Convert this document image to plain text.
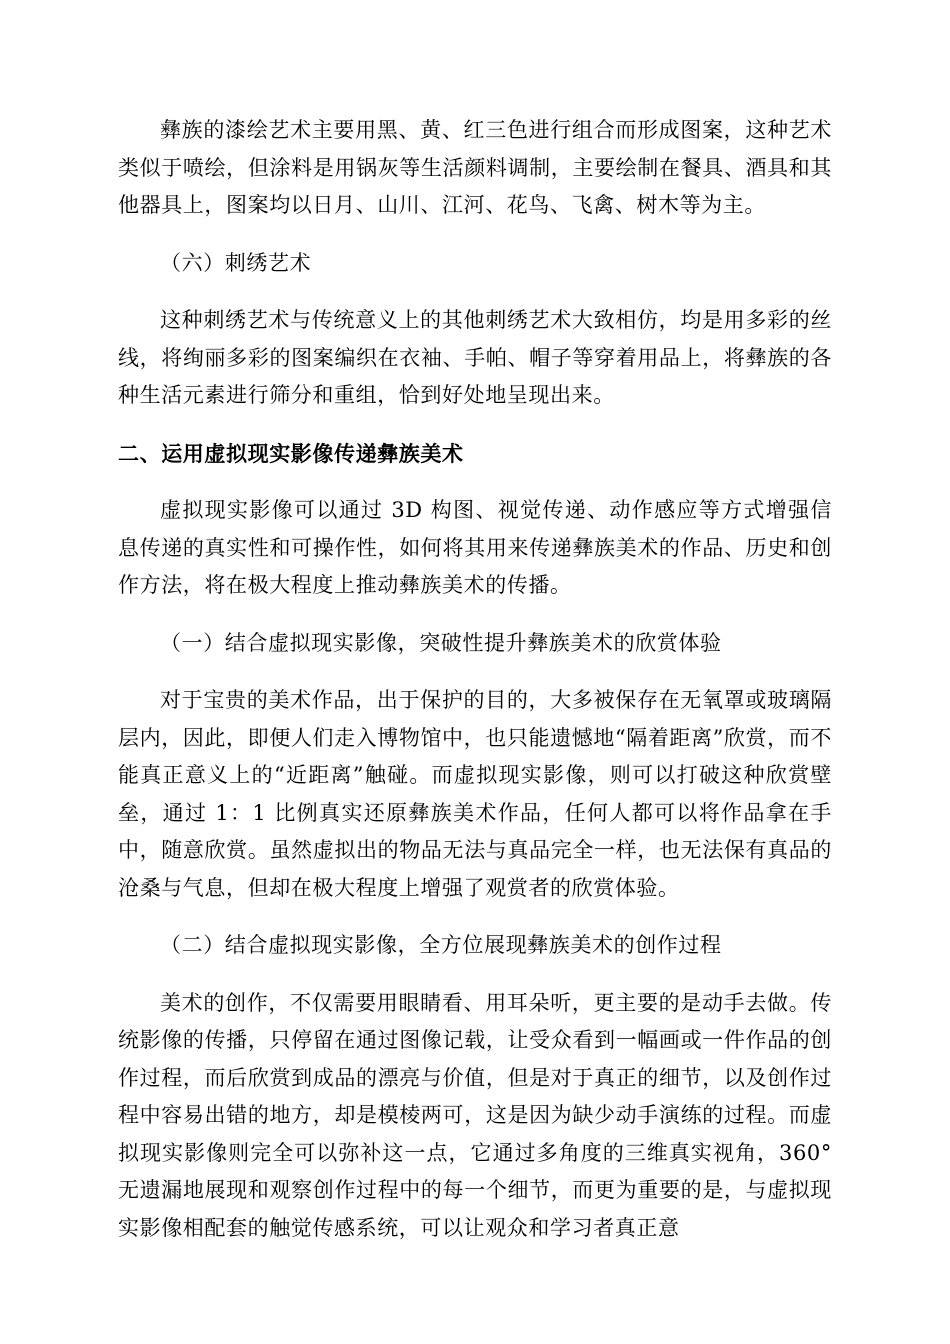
彝族的漆绘艺术主要用黑、黄、红三色进行组合而形成图案，这种艺术类似于喷绘，但涂料是用锅灰等生活颜料调制，主要绘制在餐具、酒具和其他器具上，图案均以日月、山川、江河、花鸟、飞禽、树木等为主。

（六）刺绣艺术

这种刺绣艺术与传统意义上的其他刺绣艺术大致相仿，均是用多彩的丝线，将绚丽多彩的图案编织在衣袖、手帕、帽子等穿着用品上，将彝族的各种生活元素进行筛分和重组，恰到好处地呈现出来。

二、运用虚拟现实影像传递彝族美术

虚拟现实影像可以通过 3D 构图、视觉传递、动作感应等方式增强信息传递的真实性和可操作性，如何将其用来传递彝族美术的作品、历史和创作方法，将在极大程度上推动彝族美术的传播。

（一）结合虚拟现实影像，突破性提升彝族美术的欣赏体验

对于宝贵的美术作品，出于保护的目的，大多被保存在无氧罩或玻璃隔层内，因此，即便人们走入博物馆中，也只能遗憾地“隔着距离”欣赏，而不能真正意义上的“近距离”触碰。而虚拟现实影像，则可以打破这种欣赏壁垒，通过 1：1 比例真实还原彝族美术作品，任何人都可以将作品拿在手中，随意欣赏。虽然虚拟出的物品无法与真品完全一样，也无法保有真品的沧桑与气息，但却在极大程度上增强了观赏者的欣赏体验。

（二）结合虚拟现实影像，全方位展现彝族美术的创作过程

美术的创作，不仅需要用眼睛看、用耳朵听，更主要的是动手去做。传统影像的传播，只停留在通过图像记载，让受众看到一幅画或一件作品的创作过程，而后欣赏到成品的漂亮与价值，但是对于真正的细节，以及创作过程中容易出错的地方，却是模棱两可，这是因为缺少动手演练的过程。而虚拟现实影像则完全可以弥补这一点，它通过多角度的三维真实视角，360° 无遗漏地展现和观察创作过程中的每一个细节，而更为重要的是，与虚拟现实影像相配套的触觉传感系统，可以让观众和学习者真正意
